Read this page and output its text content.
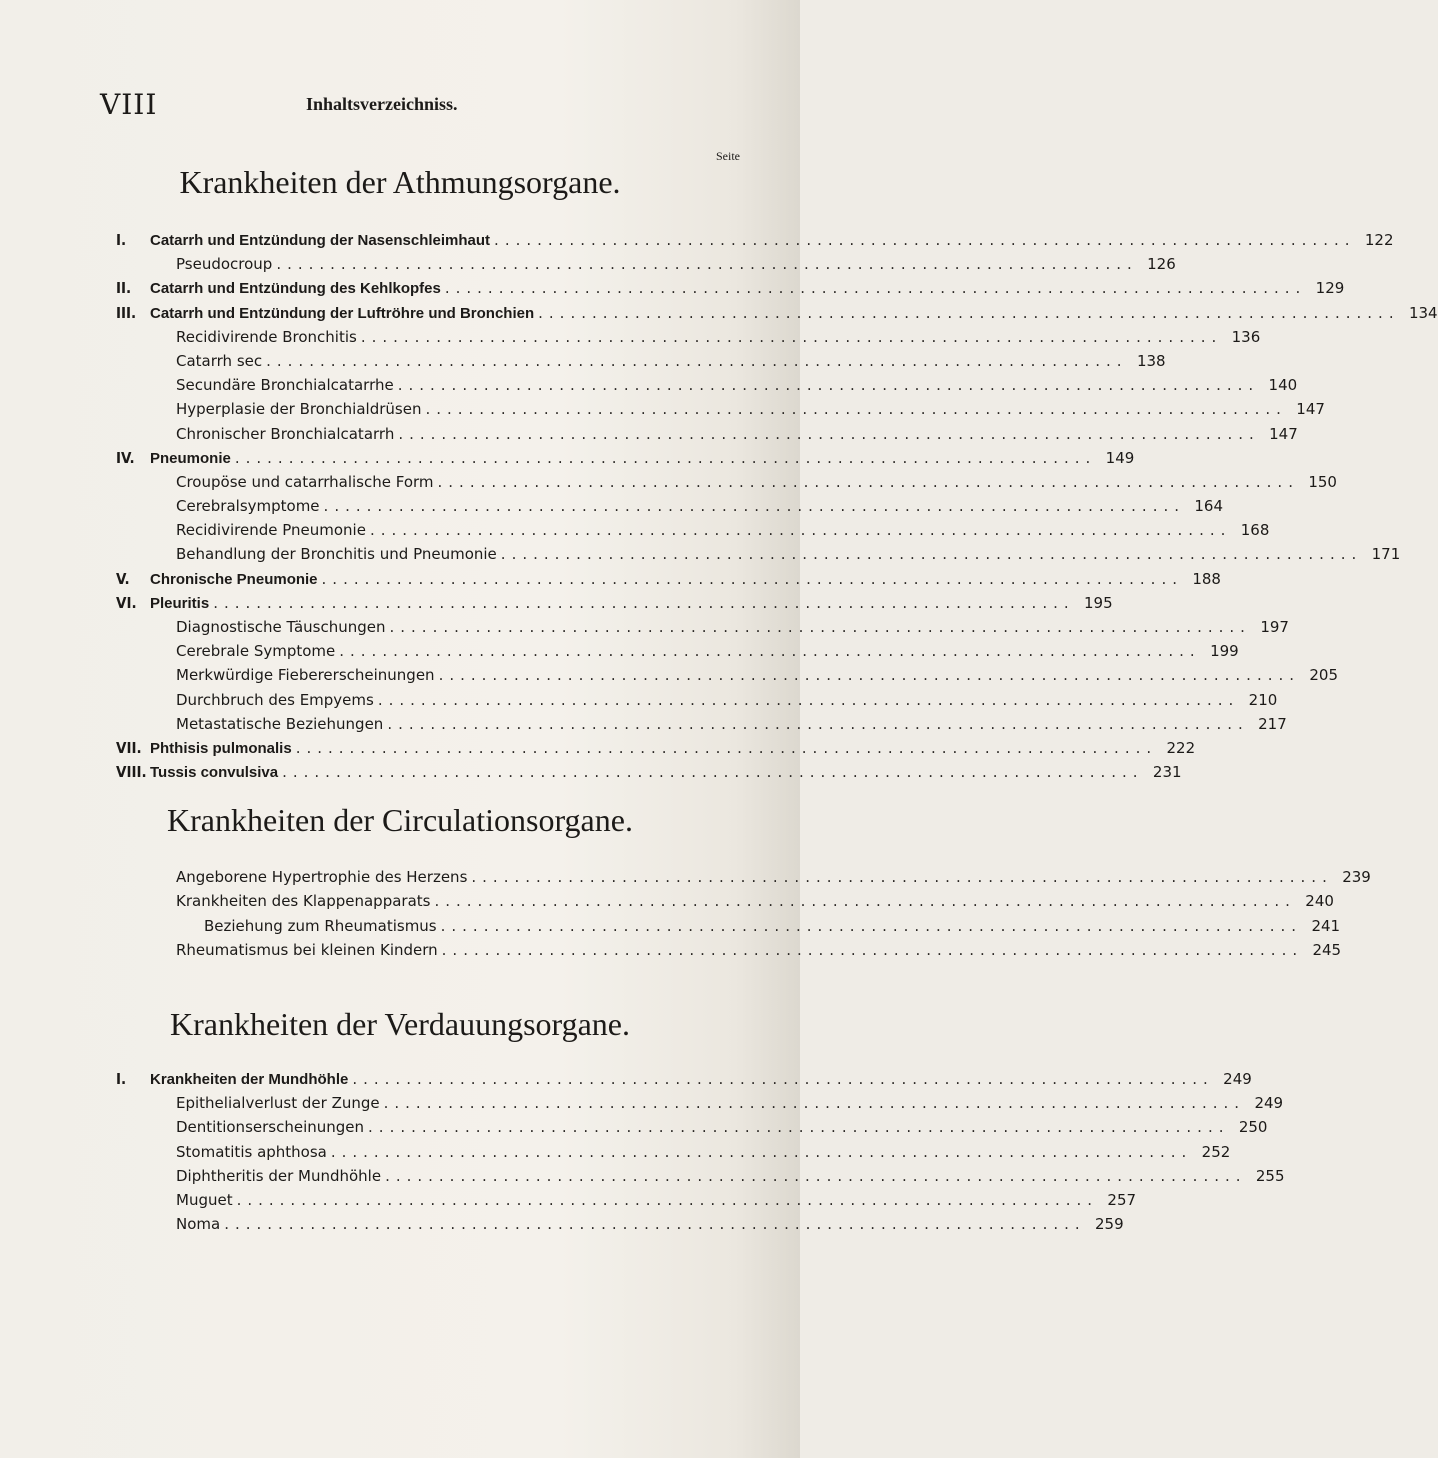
VIII	Inhaltsverzeichniss.
Seite
Krankheiten der Athmungsorgane.
I.	Catarrh und Entzündung der Nasenschleimhaut ................................................................................ 122
Pseudocroup ................................................................................ 126
II.	Catarrh und Entzündung des Kehlkopfes ................................................................................ 129
III. Catarrh und Entzündung der Luftröhre und Bronchien ................................................................................ 134
Recidivirende Bronchitis ................................................................................ 136
Catarrh sec ................................................................................ 138
Secundäre Bronchialcatarrhe ................................................................................ 140
Hyperplasie der Bronchialdrüsen ................................................................................ 147
Chronischer Bronchialcatarrh ................................................................................ 147
IV.	Pneumonie ................................................................................ 149
Croupöse und catarrhalische Form ................................................................................ 150
Cerebralsymptome ................................................................................ 164
Recidivirende Pneumonie ................................................................................ 168
Behandlung der Bronchitis und Pneumonie ................................................................................ 171
V.	Chronische Pneumonie ................................................................................ 188
VI. Pleuritis ................................................................................ 195
Diagnostische Täuschungen ................................................................................ 197
Cerebrale Symptome ................................................................................ 199
Merkwürdige Fiebererscheinungen ................................................................................ 205
Durchbruch des Empyems ................................................................................ 210
Metastatische Beziehungen ................................................................................ 217
VII. Phthisis pulmonalis ................................................................................ 222
VIII. Tussis convulsiva ................................................................................ 231
Krankheiten der Circulationsorgane.
Angeborene Hypertrophie des Herzens ................................................................................ 239
Krankheiten des Klappenapparats ................................................................................ 240
Beziehung zum Rheumatismus ................................................................................ 241
Rheumatismus bei kleinen Kindern ................................................................................ 245
Krankheiten der Verdauungsorgane.
I.	Krankheiten der Mundhöhle ................................................................................ 249
Epithelialverlust der Zunge ................................................................................ 249
Dentitionserscheinungen ................................................................................ 250
Stomatitis aphthosa ................................................................................ 252
Diphtheritis der Mundhöhle ................................................................................ 255
Muguet ................................................................................ 257
Noma ................................................................................ 259
